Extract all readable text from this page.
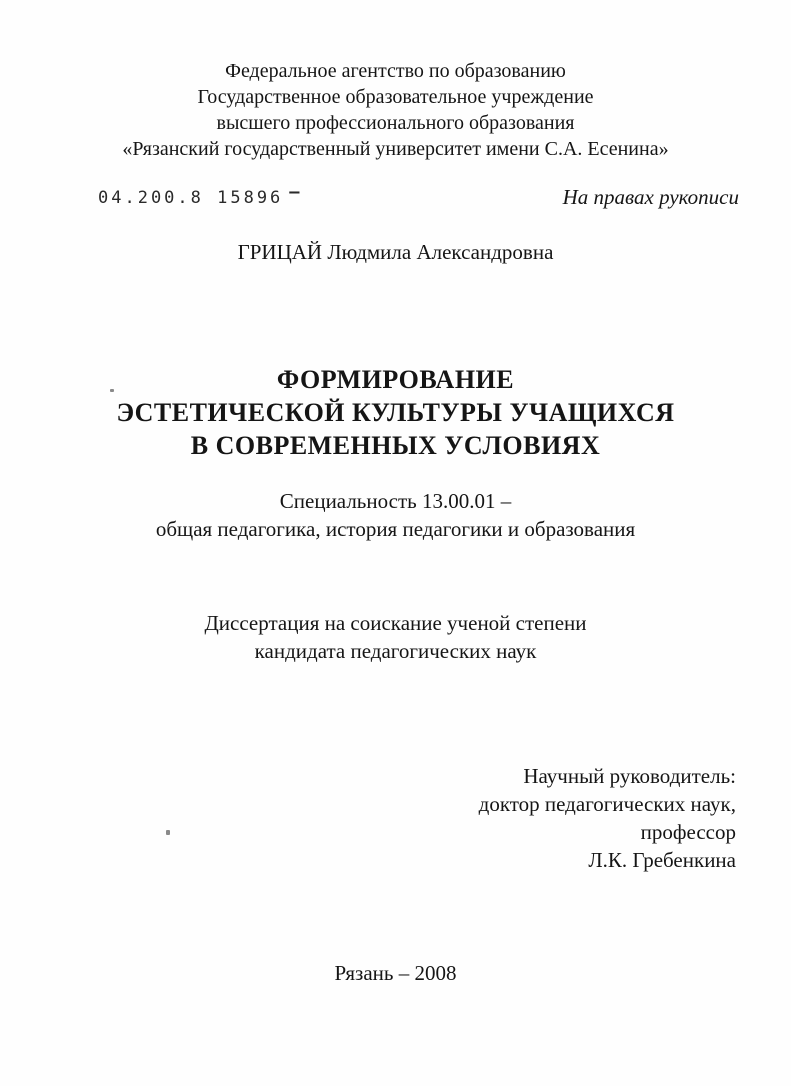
Федеральное агентство по образованию
Государственное образовательное учреждение
высшего профессионального образования
«Рязанский государственный университет имени С.А. Есенина»
04.200.8 15896 –	На правах рукописи
ГРИЦАЙ Людмила Александровна
ФОРМИРОВАНИЕ
ЭСТЕТИЧЕСКОЙ КУЛЬТУРЫ УЧАЩИХСЯ
В СОВРЕМЕННЫХ УСЛОВИЯХ
Специальность 13.00.01 –
общая педагогика, история педагогики и образования
Диссертация на соискание ученой степени
кандидата педагогических наук
Научный руководитель:
доктор педагогических наук,
профессор
Л.К. Гребенкина
Рязань – 2008
